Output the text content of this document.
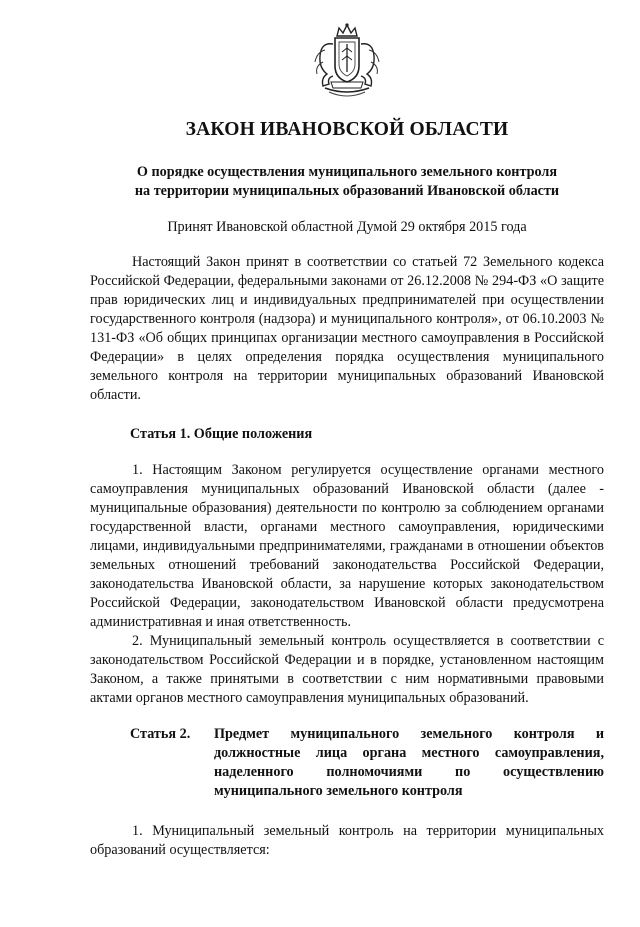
ЗАКОН ИВАНОВСКОЙ ОБЛАСТИ
О порядке осуществления муниципального земельного контроля
на территории муниципальных образований Ивановской области
Принят Ивановской областной Думой 29 октября 2015 года

Настоящий Закон принят в соответствии со статьей 72 Земельного кодекса Российской Федерации, федеральными законами от 26.12.2008 № 294-ФЗ «О защите прав юридических лиц и индивидуальных предпринимателей при осуществлении государственного контроля (надзора) и муниципального контроля», от 06.10.2003 № 131-ФЗ «Об общих принципах организации местного самоуправления в Российской Федерации» в целях определения порядка осуществления муниципального земельного контроля на территории муниципальных образований Ивановской области.

Статья 1. Общие положения

1. Настоящим Законом регулируется осуществление органами местного самоуправления муниципальных образований Ивановской области (далее - муниципальные образования) деятельности по контролю за соблюдением органами государственной власти, органами местного самоуправления, юридическими лицами, индивидуальными предпринимателями, гражданами в отношении объектов земельных отношений требований законодательства Российской Федерации, законодательства Ивановской области, за нарушение которых законодательством Российской Федерации, законодательством Ивановской области предусмотрена административная и иная ответственность.

2. Муниципальный земельный контроль осуществляется в соответствии с законодательством Российской Федерации и в порядке, установленном настоящим Законом, а также принятыми в соответствии с ним нормативными правовыми актами органов местного самоуправления муниципальных образований.

Статья 2.	Предмет муниципального земельного контроля и должностные лица органа местного самоуправления, наделенного полномочиями по осуществлению муниципального земельного контроля

1. Муниципальный земельный контроль на территории муниципальных образований осуществляется:
